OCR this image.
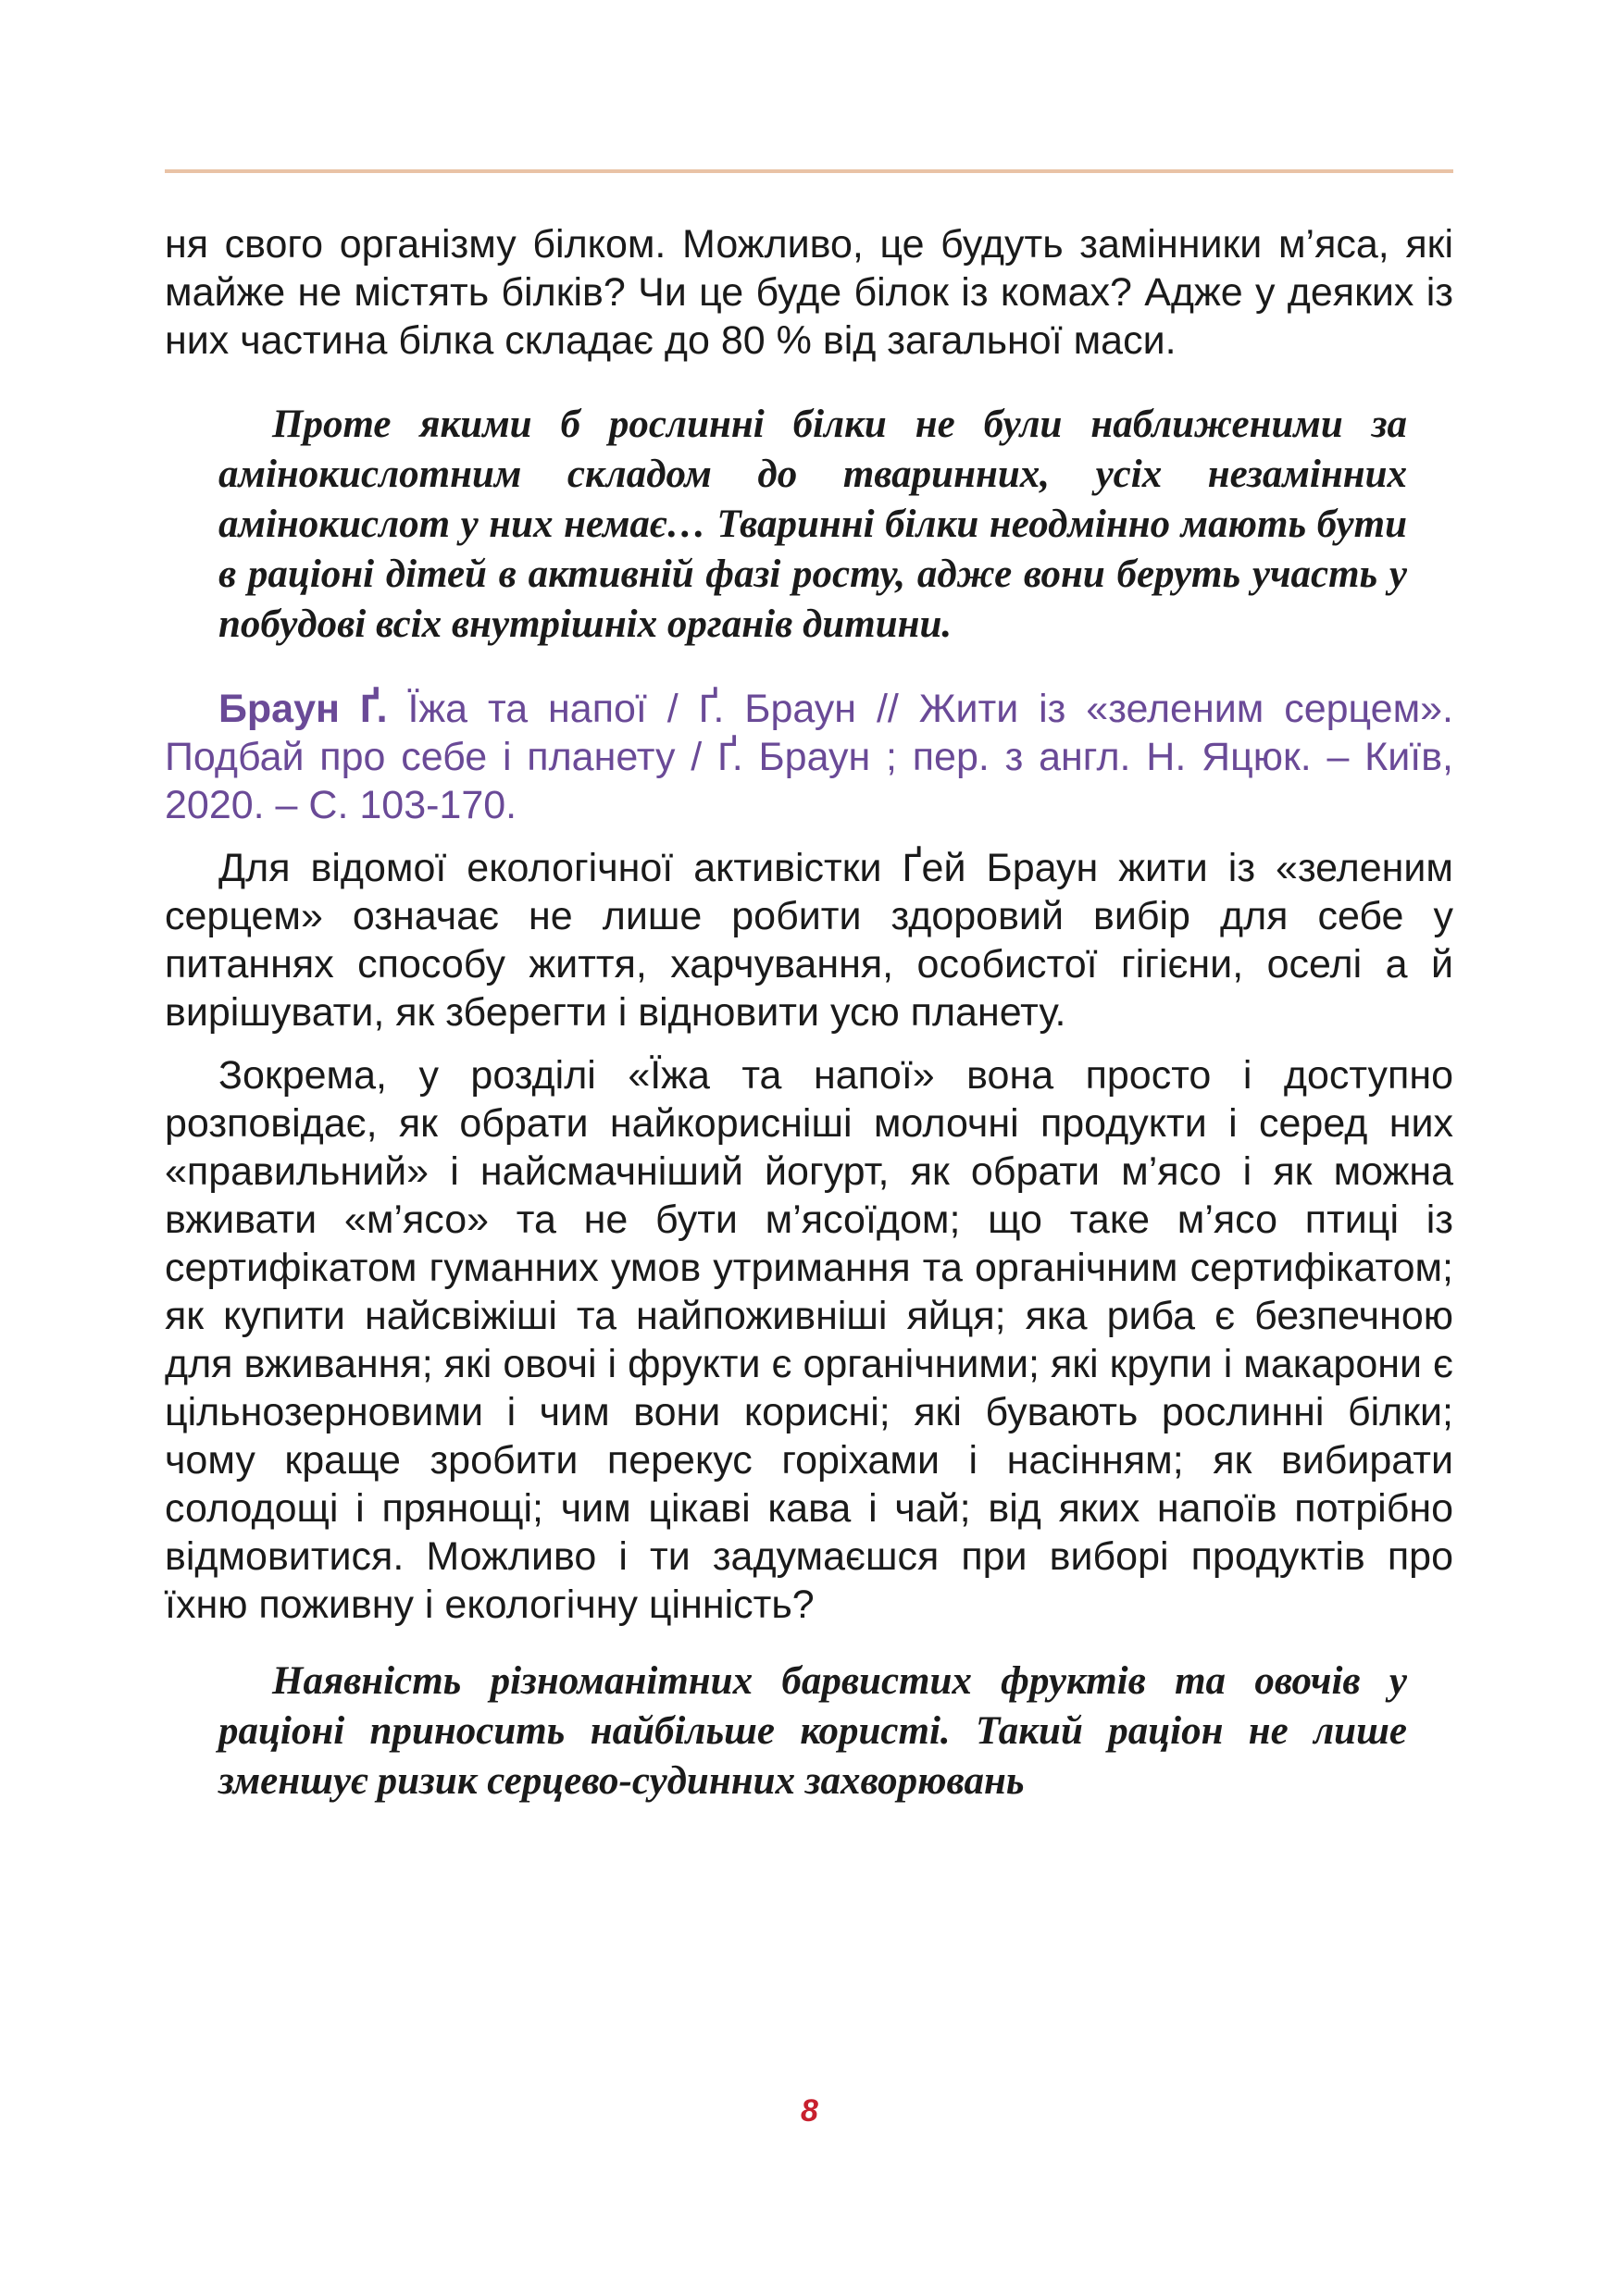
ня свого організму білком. Можливо, це будуть замінники м’яса, які майже не містять білків? Чи це буде білок із комах? Адже у деяких із них частина білка складає до 80 % від загальної маси.

Проте якими б рослинні білки не були наближеними за амінокислотним складом до тваринних, усіх незамінних амінокислот у них немає… Тваринні білки неодмінно мають бути в раціоні дітей в активній фазі росту, адже вони беруть участь у побудові всіх внутрішніх органів дитини.

Браун Ґ. Їжа та напої / Ґ. Браун // Жити із «зеленим серцем». Подбай про себе і планету / Ґ. Браун ; пер. з англ. Н. Яцюк. – Київ, 2020. – С. 103-170.

Для відомої екологічної активістки Ґей Браун жити із «зеленим серцем» означає не лише робити здоровий вибір для себе у питаннях способу життя, харчування, особистої гігієни, оселі а й вирішувати, як зберегти і відновити усю планету.

Зокрема, у розділі «Їжа та напої» вона просто і доступно розповідає, як обрати найкорисніші молочні продукти і серед них «правильний» і найсмачніший йогурт, як обрати м’ясо і як можна вживати «м’ясо» та не бути м’ясоїдом; що таке м’ясо птиці із сертифікатом гуманних умов утримання та органічним сертифікатом; як купити найсвіжіші та найпоживніші яйця; яка риба є безпечною для вживання; які овочі і фрукти є органічними; які крупи і макарони є цільнозерновими і чим вони корисні; які бувають рослинні білки; чому краще зробити перекус горіхами і насінням; як вибирати солодощі і прянощі; чим цікаві кава і чай; від яких напоїв потрібно відмовитися. Можливо і ти задумаєшся при виборі продуктів про їхню поживну і екологічну цінність?

Наявність різноманітних барвистих фруктів та овочів у раціоні приносить найбільше користі. Такий раціон не лише зменшує ризик серцево-судинних захворювань

8
